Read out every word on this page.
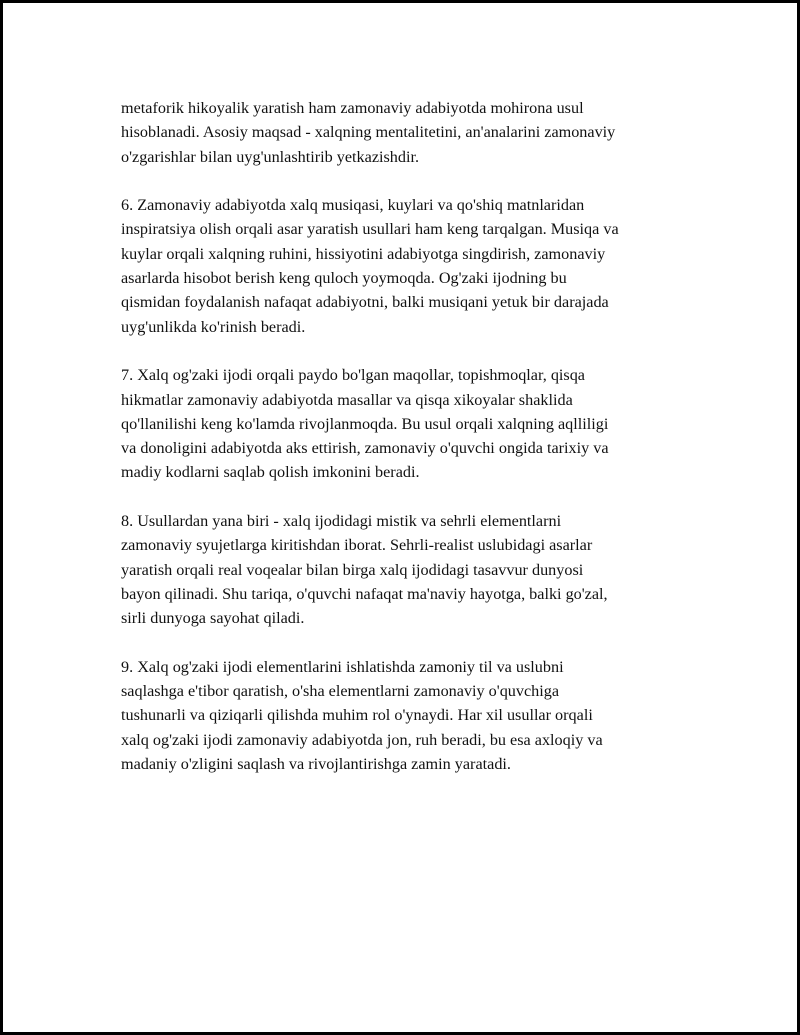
metaforik hikoyalik yaratish ham zamonaviy adabiyotda mohirona usul
hisoblanadi. Asosiy maqsad - xalqning mentalitetini, an'analarini zamonaviy
o'zgarishlar bilan uyg'unlashtirib yetkazishdir.

6. Zamonaviy adabiyotda xalq musiqasi, kuylari va qo'shiq matnlaridan
inspiratsiya olish orqali asar yaratish usullari ham keng tarqalgan. Musiqa va
kuylar orqali xalqning ruhini, hissiyotini adabiyotga singdirish, zamonaviy
asarlarda hisobot berish keng quloch yoymoqda. Og'zaki ijodning bu
qismidan foydalanish nafaqat adabiyotni, balki musiqani yetuk bir darajada
uyg'unlikda ko'rinish beradi.

7. Xalq og'zaki ijodi orqali paydo bo'lgan maqollar, topishmoqlar, qisqa
hikmatlar zamonaviy adabiyotda masallar va qisqa xikoyalar shaklida
qo'llanilishi keng ko'lamda rivojlanmoqda. Bu usul orqali xalqning aqlliligi
va donoligini adabiyotda aks ettirish, zamonaviy o'quvchi ongida tarixiy va
madiy kodlarni saqlab qolish imkonini beradi.

8. Usullardan yana biri - xalq ijodidagi mistik va sehrli elementlarni
zamonaviy syujetlarga kiritishdan iborat. Sehrli-realist uslubidagi asarlar
yaratish orqali real voqealar bilan birga xalq ijodidagi tasavvur dunyosi
bayon qilinadi. Shu tariqa, o'quvchi nafaqat ma'naviy hayotga, balki go'zal,
sirli dunyoga sayohat qiladi.

9. Xalq og'zaki ijodi elementlarini ishlatishda zamoniy til va uslubni
saqlashga e'tibor qaratish, o'sha elementlarni zamonaviy o'quvchiga
tushunarli va qiziqarli qilishda muhim rol o'ynaydi. Har xil usullar orqali
xalq og'zaki ijodi zamonaviy adabiyotda jon, ruh beradi, bu esa axloqiy va
madaniy o'zligini saqlash va rivojlantirishga zamin yaratadi.
